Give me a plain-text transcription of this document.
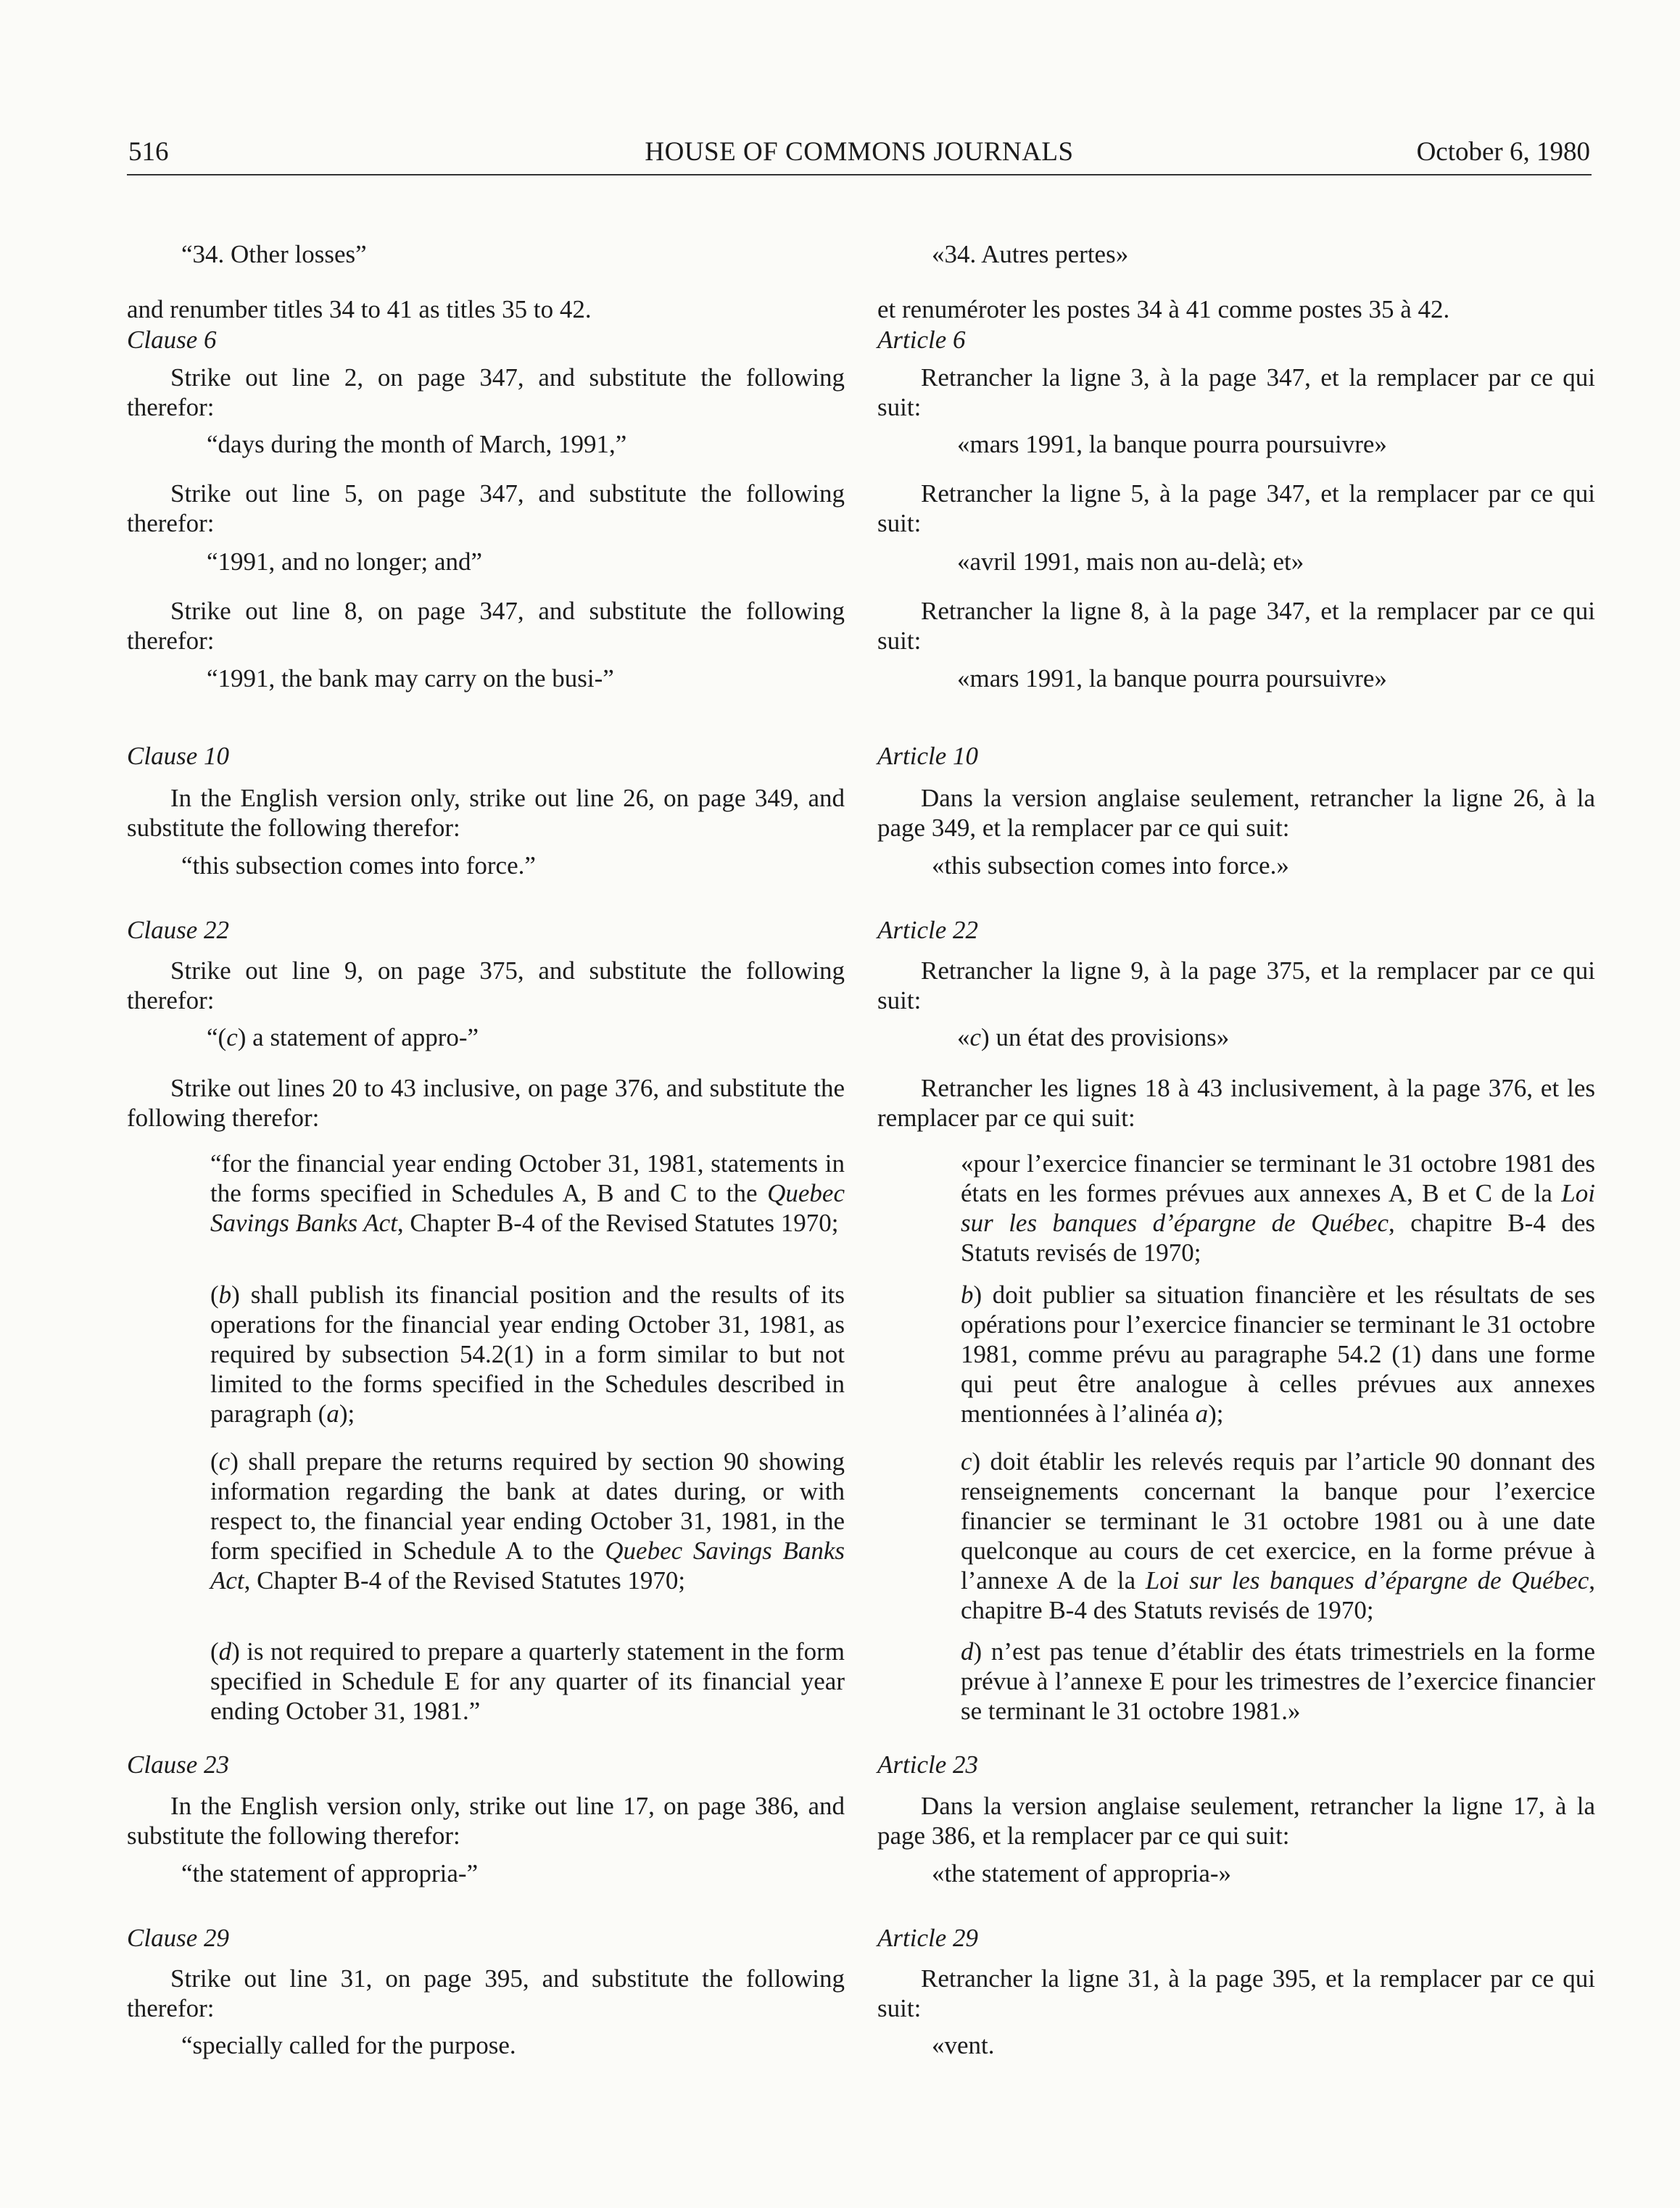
516	HOUSE OF COMMONS JOURNALS	October 6, 1980
“34. Other losses”

and renumber titles 34 to 41 as titles 35 to 42.

Clause 6

Strike out line 2, on page 347, and substitute the following therefor:

“days during the month of March, 1991,”

Strike out line 5, on page 347, and substitute the following therefor:

“1991, and no longer; and”

Strike out line 8, on page 347, and substitute the following therefor:

“1991, the bank may carry on the busi-”
Clause 10

In the English version only, strike out line 26, on page 349, and substitute the following therefor:

“this subsection comes into force.”
Clause 22

Strike out line 9, on page 375, and substitute the following therefor:

“(c) a statement of appro-”

Strike out lines 20 to 43 inclusive, on page 376, and substitute the following therefor:

“for the financial year ending October 31, 1981, statements in the forms specified in Schedules A, B and C to the Quebec Savings Banks Act, Chapter B-4 of the Revised Statutes 1970;

(b) shall publish its financial position and the results of its operations for the financial year ending October 31, 1981, as required by subsection 54.2(1) in a form similar to but not limited to the forms specified in the Schedules described in paragraph (a);

(c) shall prepare the returns required by section 90 showing information regarding the bank at dates during, or with respect to, the financial year ending October 31, 1981, in the form specified in Schedule A to the Quebec Savings Banks Act, Chapter B-4 of the Revised Statutes 1970;

(d) is not required to prepare a quarterly statement in the form specified in Schedule E for any quarter of its financial year ending October 31, 1981.”

Clause 23

In the English version only, strike out line 17, on page 386, and substitute the following therefor:

“the statement of appropria-”
Clause 29

Strike out line 31, on page 395, and substitute the following therefor:

“specially called for the purpose.
«34. Autres pertes»

et renuméroter les postes 34 à 41 comme postes 35 à 42.

Article 6

Retrancher la ligne 3, à la page 347, et la remplacer par ce qui suit:

«mars 1991, la banque pourra poursuivre»

Retrancher la ligne 5, à la page 347, et la remplacer par ce qui suit:

«avril 1991, mais non au-delà; et»

Retrancher la ligne 8, à la page 347, et la remplacer par ce qui suit:

«mars 1991, la banque pourra poursuivre»
Article 10

Dans la version anglaise seulement, retrancher la ligne 26, à la page 349, et la remplacer par ce qui suit:

«this subsection comes into force.»
Article 22

Retrancher la ligne 9, à la page 375, et la remplacer par ce qui suit:

«c) un état des provisions»

Retrancher les lignes 18 à 43 inclusivement, à la page 376, et les remplacer par ce qui suit:

«pour l’exercice financier se terminant le 31 octobre 1981 des états en les formes prévues aux annexes A, B et C de la Loi sur les banques d’épargne de Québec, chapitre B-4 des Statuts revisés de 1970;

b) doit publier sa situation financière et les résultats de ses opérations pour l’exercice financier se terminant le 31 octobre 1981, comme prévu au paragraphe 54.2 (1) dans une forme qui peut être analogue à celles prévues aux annexes mentionnées à l’alinéa a);

c) doit établir les relevés requis par l’article 90 donnant des renseignements concernant la banque pour l’exercice financier se terminant le 31 octobre 1981 ou à une date quelconque au cours de cet exercice, en la forme prévue à l’annexe A de la Loi sur les banques d’épargne de Québec, chapitre B-4 des Statuts revisés de 1970;

d) n’est pas tenue d’établir des états trimestriels en la forme prévue à l’annexe E pour les trimestres de l’exercice financier se terminant le 31 octobre 1981.»

Article 23

Dans la version anglaise seulement, retrancher la ligne 17, à la page 386, et la remplacer par ce qui suit:

«the statement of appropria-»
Article 29

Retrancher la ligne 31, à la page 395, et la remplacer par ce qui suit:

«vent.
